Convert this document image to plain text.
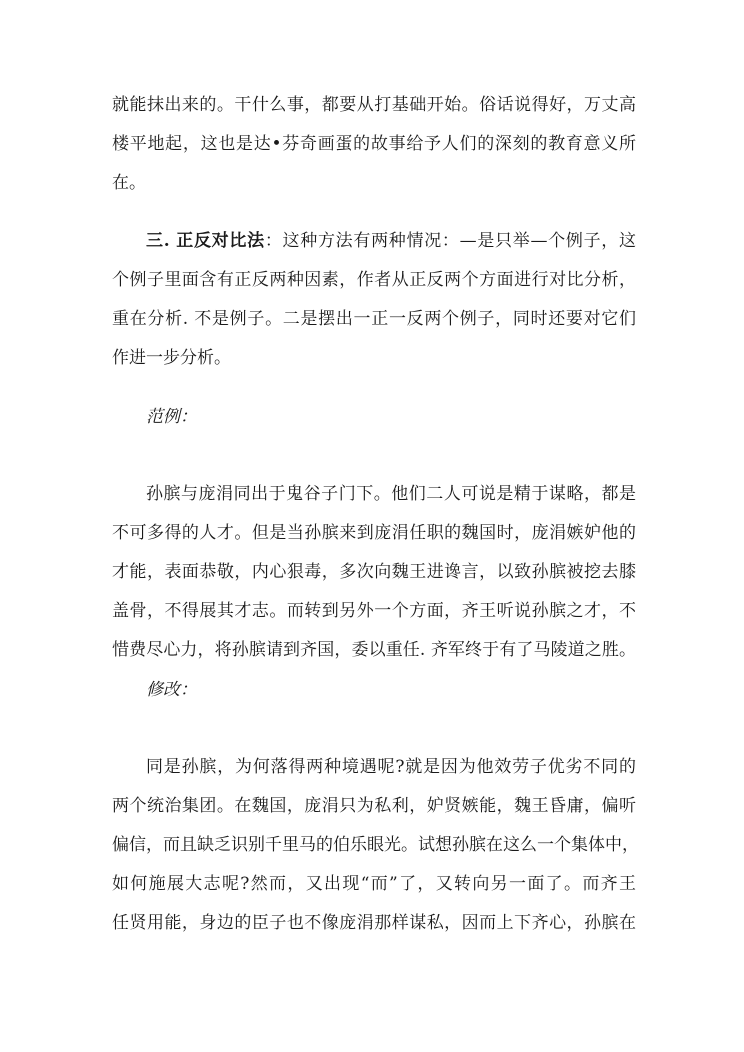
就能抹出来的。干什么事，都要从打基础开始。俗话说得好，万丈高
楼平地起，这也是达•芬奇画蛋的故事给予人们的深刻的教育意义所
在。
三. 正反对比法：这种方法有两种情况：—是只举—个例子，这
个例子里面含有正反两种因素，作者从正反两个方面进行对比分析，
重在分析. 不是例子。二是摆出一正一反两个例子，同时还要对它们
作进一步分析。
范例：
孙膑与庞涓同出于鬼谷子门下。他们二人可说是精于谋略，都是
不可多得的人才。但是当孙膑来到庞涓任职的魏国时，庞涓嫉妒他的
才能，表面恭敬，内心狠毒，多次向魏王进谗言，以致孙膑被挖去膝
盖骨，不得展其才志。而转到另外一个方面，齐王听说孙膑之才，不
惜费尽心力，将孙膑请到齐国，委以重任. 齐军终于有了马陵道之胜。
修改：
同是孙膑，为何落得两种境遇呢?就是因为他效劳子优劣不同的
两个统治集团。在魏国，庞涓只为私利，妒贤嫉能，魏王昏庸，偏听
偏信，而且缺乏识别千里马的伯乐眼光。试想孙膑在这么一个集体中，
如何施展大志呢?然而，又出现“而”了，又转向另一面了。而齐王
任贤用能，身边的臣子也不像庞涓那样谋私，因而上下齐心，孙膑在
